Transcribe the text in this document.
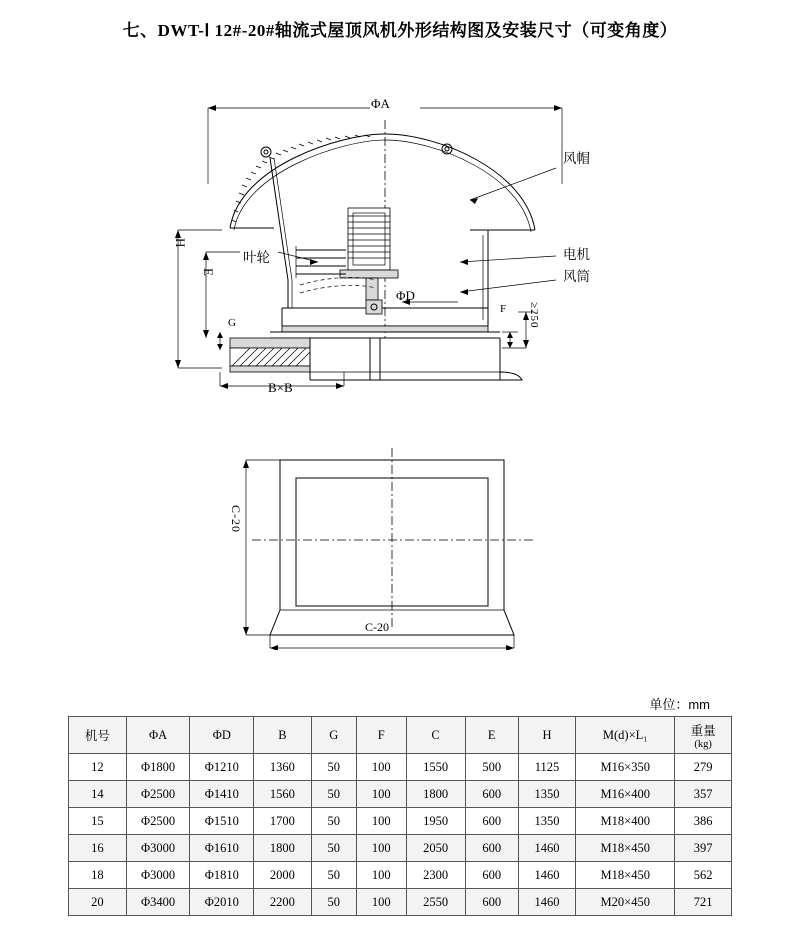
七、DWT-Ⅰ 12#-20#轴流式屋顶风机外形结构图及安装尺寸（可变角度）
ΦA
H
E
G
F ≥250
ΦD
B×B
风帽
叶轮	电机
风筒
C-20
C-20
单位：mm
机号	ΦA	ΦD	B	G	F	C	E	H	M(d)×L₁	重量
(kg)

12	Φ1800	Φ1210	1360	50	100	1550	500	1125	M16×350	279
14	Φ2500	Φ1410	1560	50	100	1800	600	1350	M16×400	357
15	Φ2500	Φ1510	1700	50	100	1950	600	1350	M18×400	386
16	Φ3000	Φ1610	1800	50	100	2050	600	1460	M18×450	397
18	Φ3000	Φ1810	2000	50	100	2300	600	1460	M18×450	562
20	Φ3400	Φ2010	2200	50	100	2550	600	1460	M20×450	721
